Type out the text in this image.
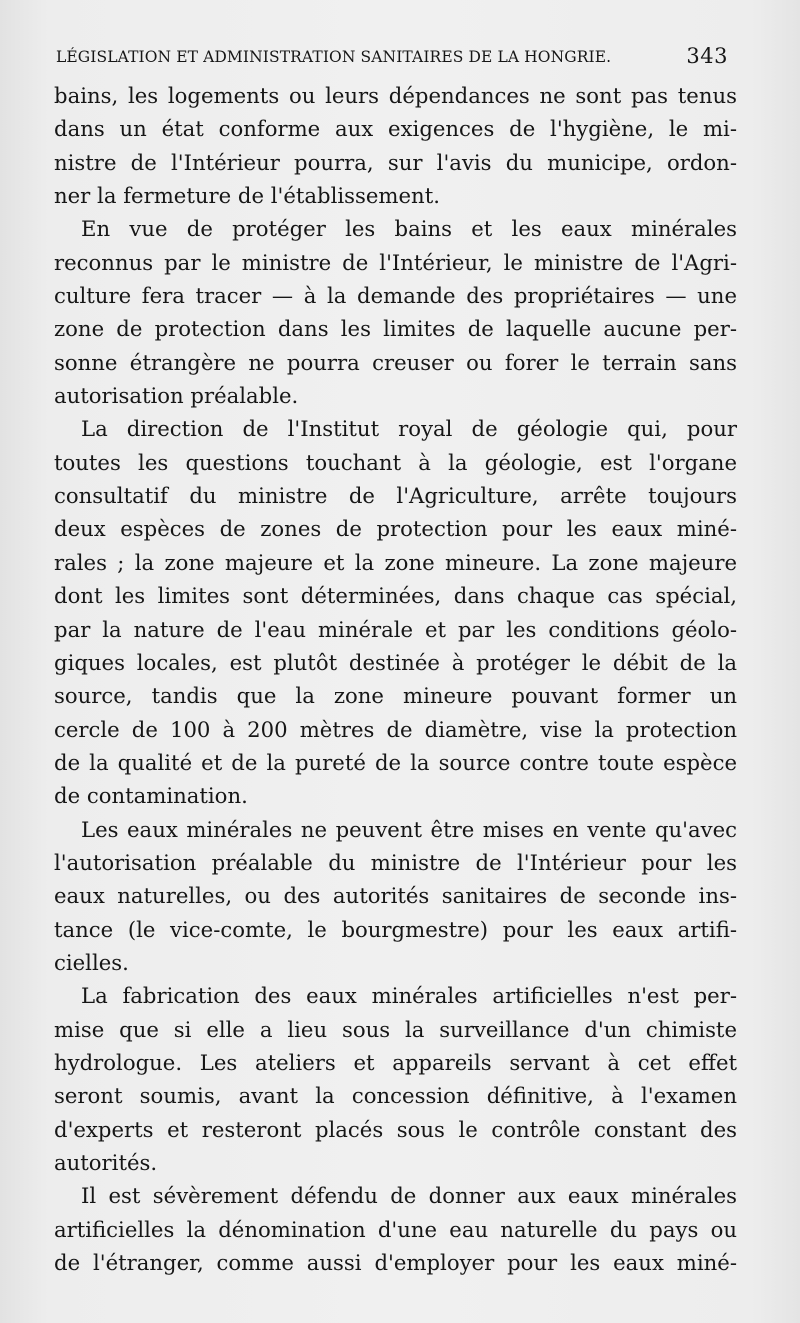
LÉGISLATION ET ADMINISTRATION SANITAIRES DE LA HONGRIE.	343
bains, les logements ou leurs dépendances ne sont pas tenus
dans un état conforme aux exigences de l'hygiène, le mi-
nistre de l'Intérieur pourra, sur l'avis du municipe, ordon-
ner la fermeture de l'établissement.
En vue de protéger les bains et les eaux minérales
reconnus par le ministre de l'Intérieur, le ministre de l'Agri-
culture fera tracer — à la demande des propriétaires — une
zone de protection dans les limites de laquelle aucune per-
sonne étrangère ne pourra creuser ou forer le terrain sans
autorisation préalable.
La direction de l'Institut royal de géologie qui, pour
toutes les questions touchant à la géologie, est l'organe
consultatif du ministre de l'Agriculture, arrête toujours
deux espèces de zones de protection pour les eaux miné-
rales ; la zone majeure et la zone mineure. La zone majeure
dont les limites sont déterminées, dans chaque cas spécial,
par la nature de l'eau minérale et par les conditions géolo-
giques locales, est plutôt destinée à protéger le débit de la
source, tandis que la zone mineure pouvant former un
cercle de 100 à 200 mètres de diamètre, vise la protection
de la qualité et de la pureté de la source contre toute espèce
de contamination.
Les eaux minérales ne peuvent être mises en vente qu'avec
l'autorisation préalable du ministre de l'Intérieur pour les
eaux naturelles, ou des autorités sanitaires de seconde ins-
tance (le vice-comte, le bourgmestre) pour les eaux artifi-
cielles.
La fabrication des eaux minérales artificielles n'est per-
mise que si elle a lieu sous la surveillance d'un chimiste
hydrologue. Les ateliers et appareils servant à cet effet
seront soumis, avant la concession définitive, à l'examen
d'experts et resteront placés sous le contrôle constant des
autorités.
Il est sévèrement défendu de donner aux eaux minérales
artificielles la dénomination d'une eau naturelle du pays ou
de l'étranger, comme aussi d'employer pour les eaux miné-
